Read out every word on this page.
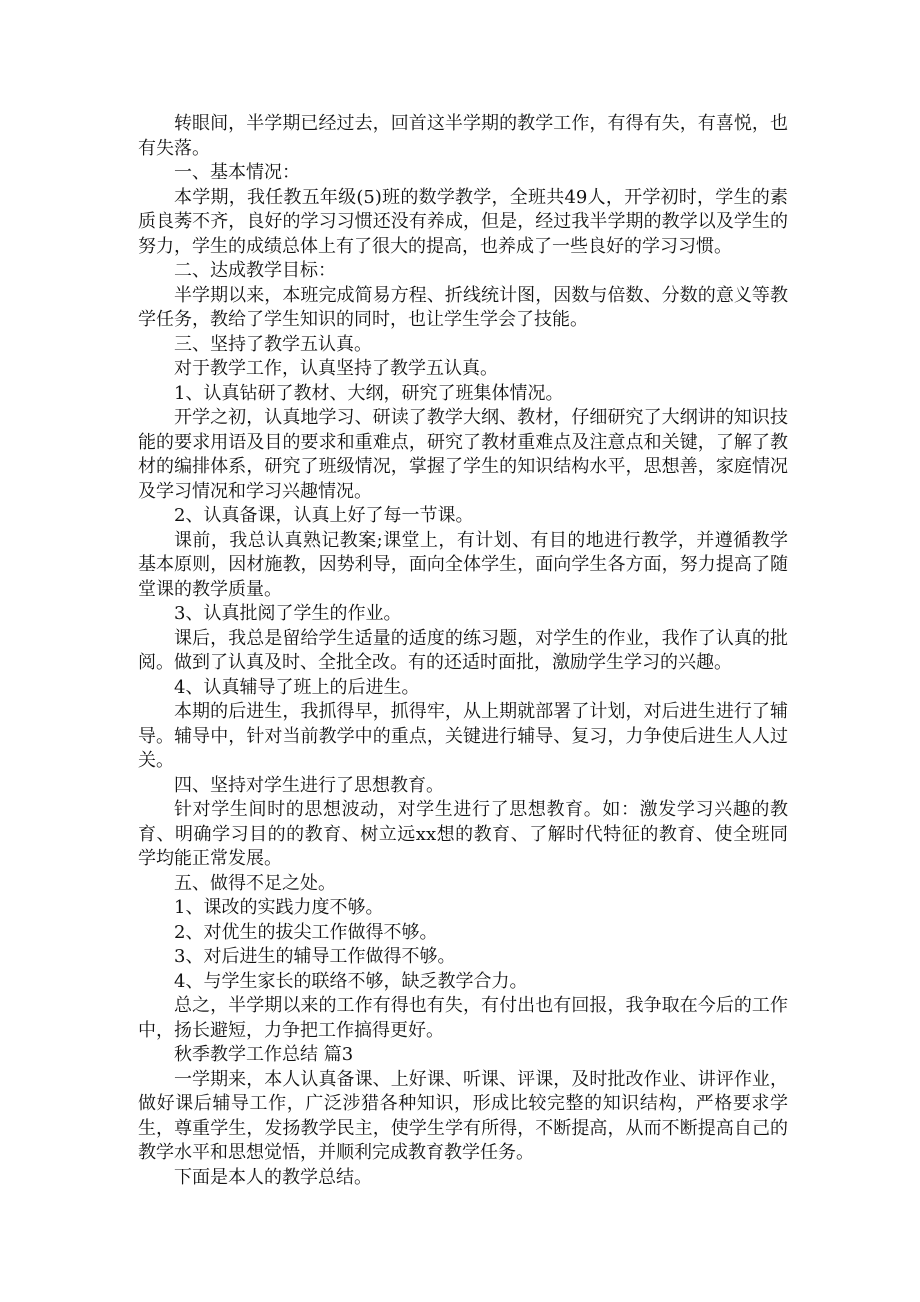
转眼间，半学期已经过去，回首这半学期的教学工作，有得有失，有喜悦，也有失落。

一、基本情况：

本学期，我任教五年级(5)班的数学教学，全班共49人，开学初时，学生的素质良莠不齐，良好的学习习惯还没有养成，但是，经过我半学期的教学以及学生的努力，学生的成绩总体上有了很大的提高，也养成了一些良好的学习习惯。

二、达成教学目标：

半学期以来，本班完成简易方程、折线统计图，因数与倍数、分数的意义等教学任务，教给了学生知识的同时，也让学生学会了技能。

三、坚持了教学五认真。

对于教学工作，认真坚持了教学五认真。

1、认真钻研了教材、大纲，研究了班集体情况。

开学之初，认真地学习、研读了教学大纲、教材，仔细研究了大纲讲的知识技能的要求用语及目的要求和重难点，研究了教材重难点及注意点和关键，了解了教材的编排体系，研究了班级情况，掌握了学生的知识结构水平，思想善，家庭情况及学习情况和学习兴趣情况。

2、认真备课，认真上好了每一节课。

课前，我总认真熟记教案;课堂上，有计划、有目的地进行教学，并遵循教学基本原则，因材施教，因势利导，面向全体学生，面向学生各方面，努力提高了随堂课的教学质量。

3、认真批阅了学生的作业。

课后，我总是留给学生适量的适度的练习题，对学生的作业，我作了认真的批阅。做到了认真及时、全批全改。有的还适时面批，激励学生学习的兴趣。

4、认真辅导了班上的后进生。

本期的后进生，我抓得早，抓得牢，从上期就部署了计划，对后进生进行了辅导。辅导中，针对当前教学中的重点，关键进行辅导、复习，力争使后进生人人过关。

四、坚持对学生进行了思想教育。

针对学生间时的思想波动，对学生进行了思想教育。如：激发学习兴趣的教育、明确学习目的的教育、树立远xx想的教育、了解时代特征的教育、使全班同学均能正常发展。

五、做得不足之处。

1、课改的实践力度不够。

2、对优生的拔尖工作做得不够。

3、对后进生的辅导工作做得不够。

4、与学生家长的联络不够，缺乏教学合力。

总之，半学期以来的工作有得也有失，有付出也有回报，我争取在今后的工作中，扬长避短，力争把工作搞得更好。

秋季教学工作总结 篇3

一学期来，本人认真备课、上好课、听课、评课，及时批改作业、讲评作业，做好课后辅导工作，广泛涉猎各种知识，形成比较完整的知识结构，严格要求学生，尊重学生，发扬教学民主，使学生学有所得，不断提高，从而不断提高自己的教学水平和思想觉悟，并顺利完成教育教学任务。

下面是本人的教学总结。
